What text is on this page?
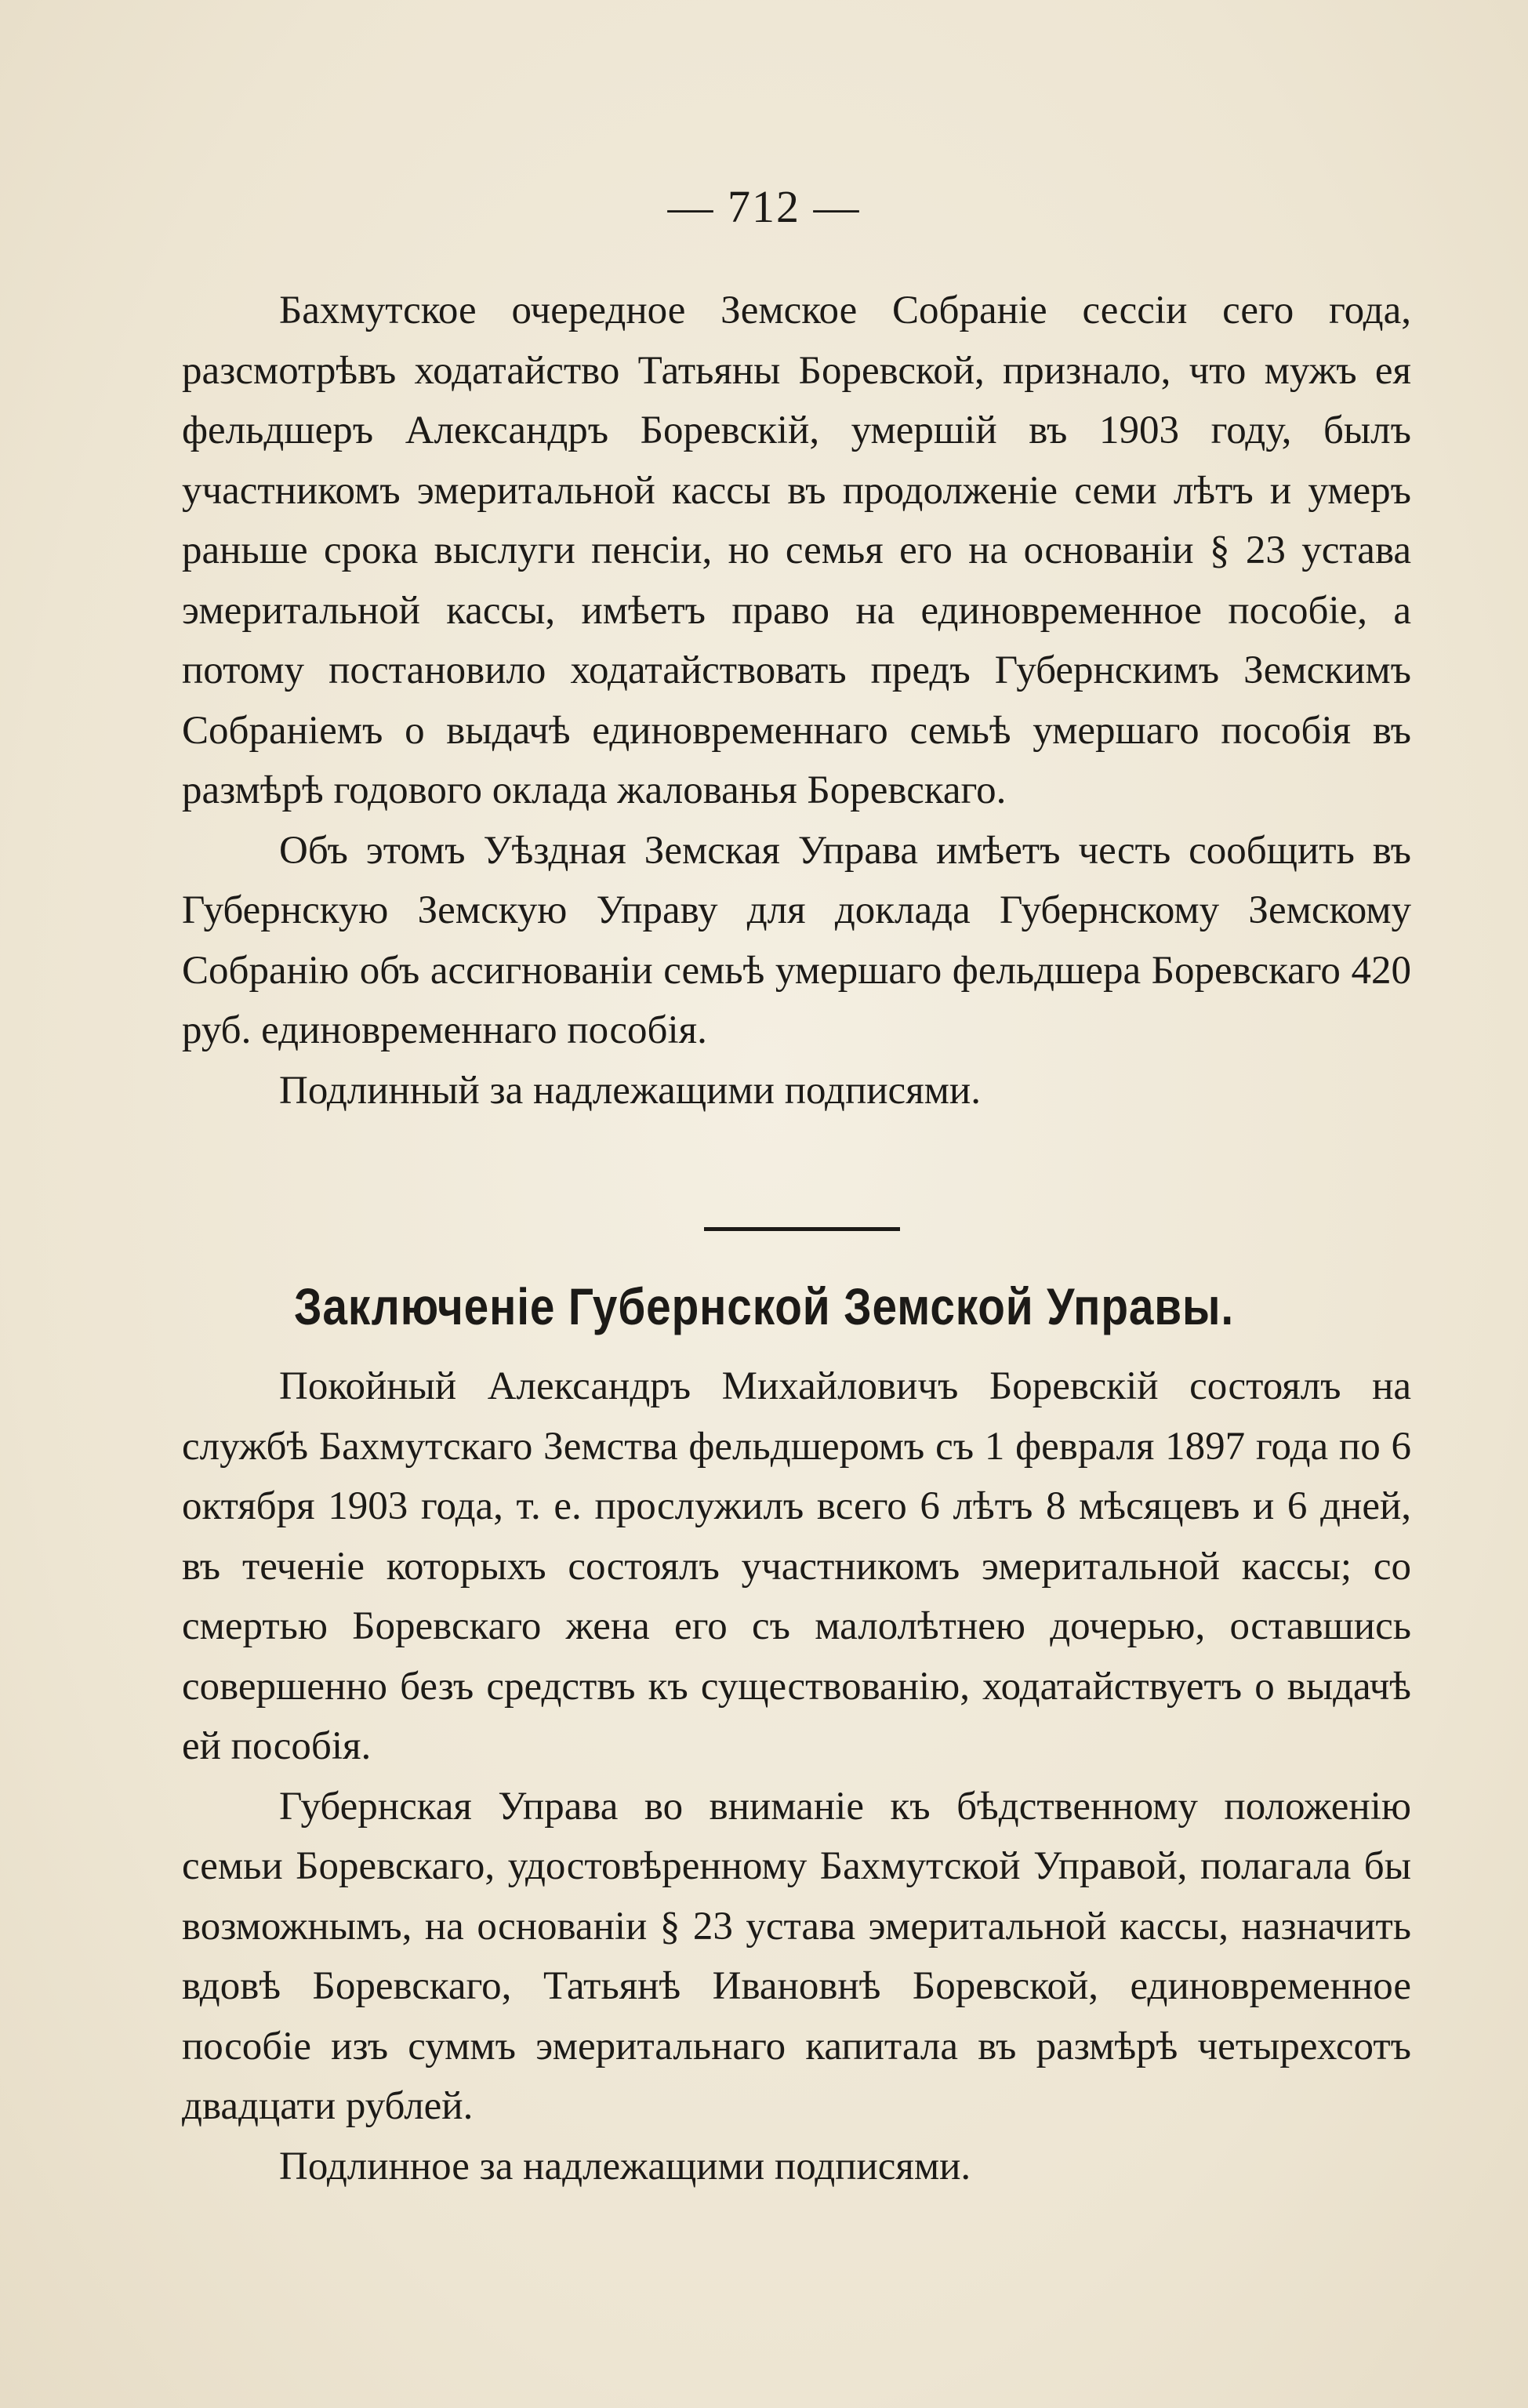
— 712 —

Бахмутское очередное Земское Собраніе сессіи сего года, разсмотрѣвъ ходатайство Татьяны Боревской, признало, что мужъ ея фельдшеръ Александръ Боревскій, умершій въ 1903 году, былъ участникомъ эмеритальной кассы въ продолженіе семи лѣтъ и умеръ раньше срока выслуги пенсіи, но семья его на основаніи § 23 устава эмеритальной кассы, имѣетъ право на единовременное пособіе, а потому постановило ходатайствовать предъ Губернскимъ Земскимъ Собраніемъ о выдачѣ единовременнаго семьѣ умершаго пособія въ размѣрѣ годового оклада жалованья Боревскаго.

Объ этомъ Уѣздная Земская Управа имѣетъ честь сообщить въ Губернскую Земскую Управу для доклада Губернскому Земскому Собранію объ ассигнованіи семьѣ умершаго фельдшера Боревскаго 420 руб. единовременнаго пособія.

Подлинный за надлежащими подписями.

Заключеніе Губернской Земской Управы.

Покойный Александръ Михайловичъ Боревскій состоялъ на службѣ Бахмутскаго Земства фельдшеромъ съ 1 февраля 1897 года по 6 октября 1903 года, т. е. прослужилъ всего 6 лѣтъ 8 мѣсяцевъ и 6 дней, въ теченіе которыхъ состоялъ участникомъ эмеритальной кассы; со смертью Боревскаго жена его съ малолѣтнею дочерью, оставшись совершенно безъ средствъ къ существованію, ходатайствуетъ о выдачѣ ей пособія.

Губернская Управа во вниманіе къ бѣдственному положенію семьи Боревскаго, удостовѣренному Бахмутской Управой, полагала бы возможнымъ, на основаніи § 23 устава эмеритальной кассы, назначить вдовѣ Боревскаго, Татьянѣ Ивановнѣ Боревской, единовременное пособіе изъ суммъ эмеритальнаго капитала въ размѣрѣ четырехсотъ двадцати рублей.

Подлинное за надлежащими подписями.
